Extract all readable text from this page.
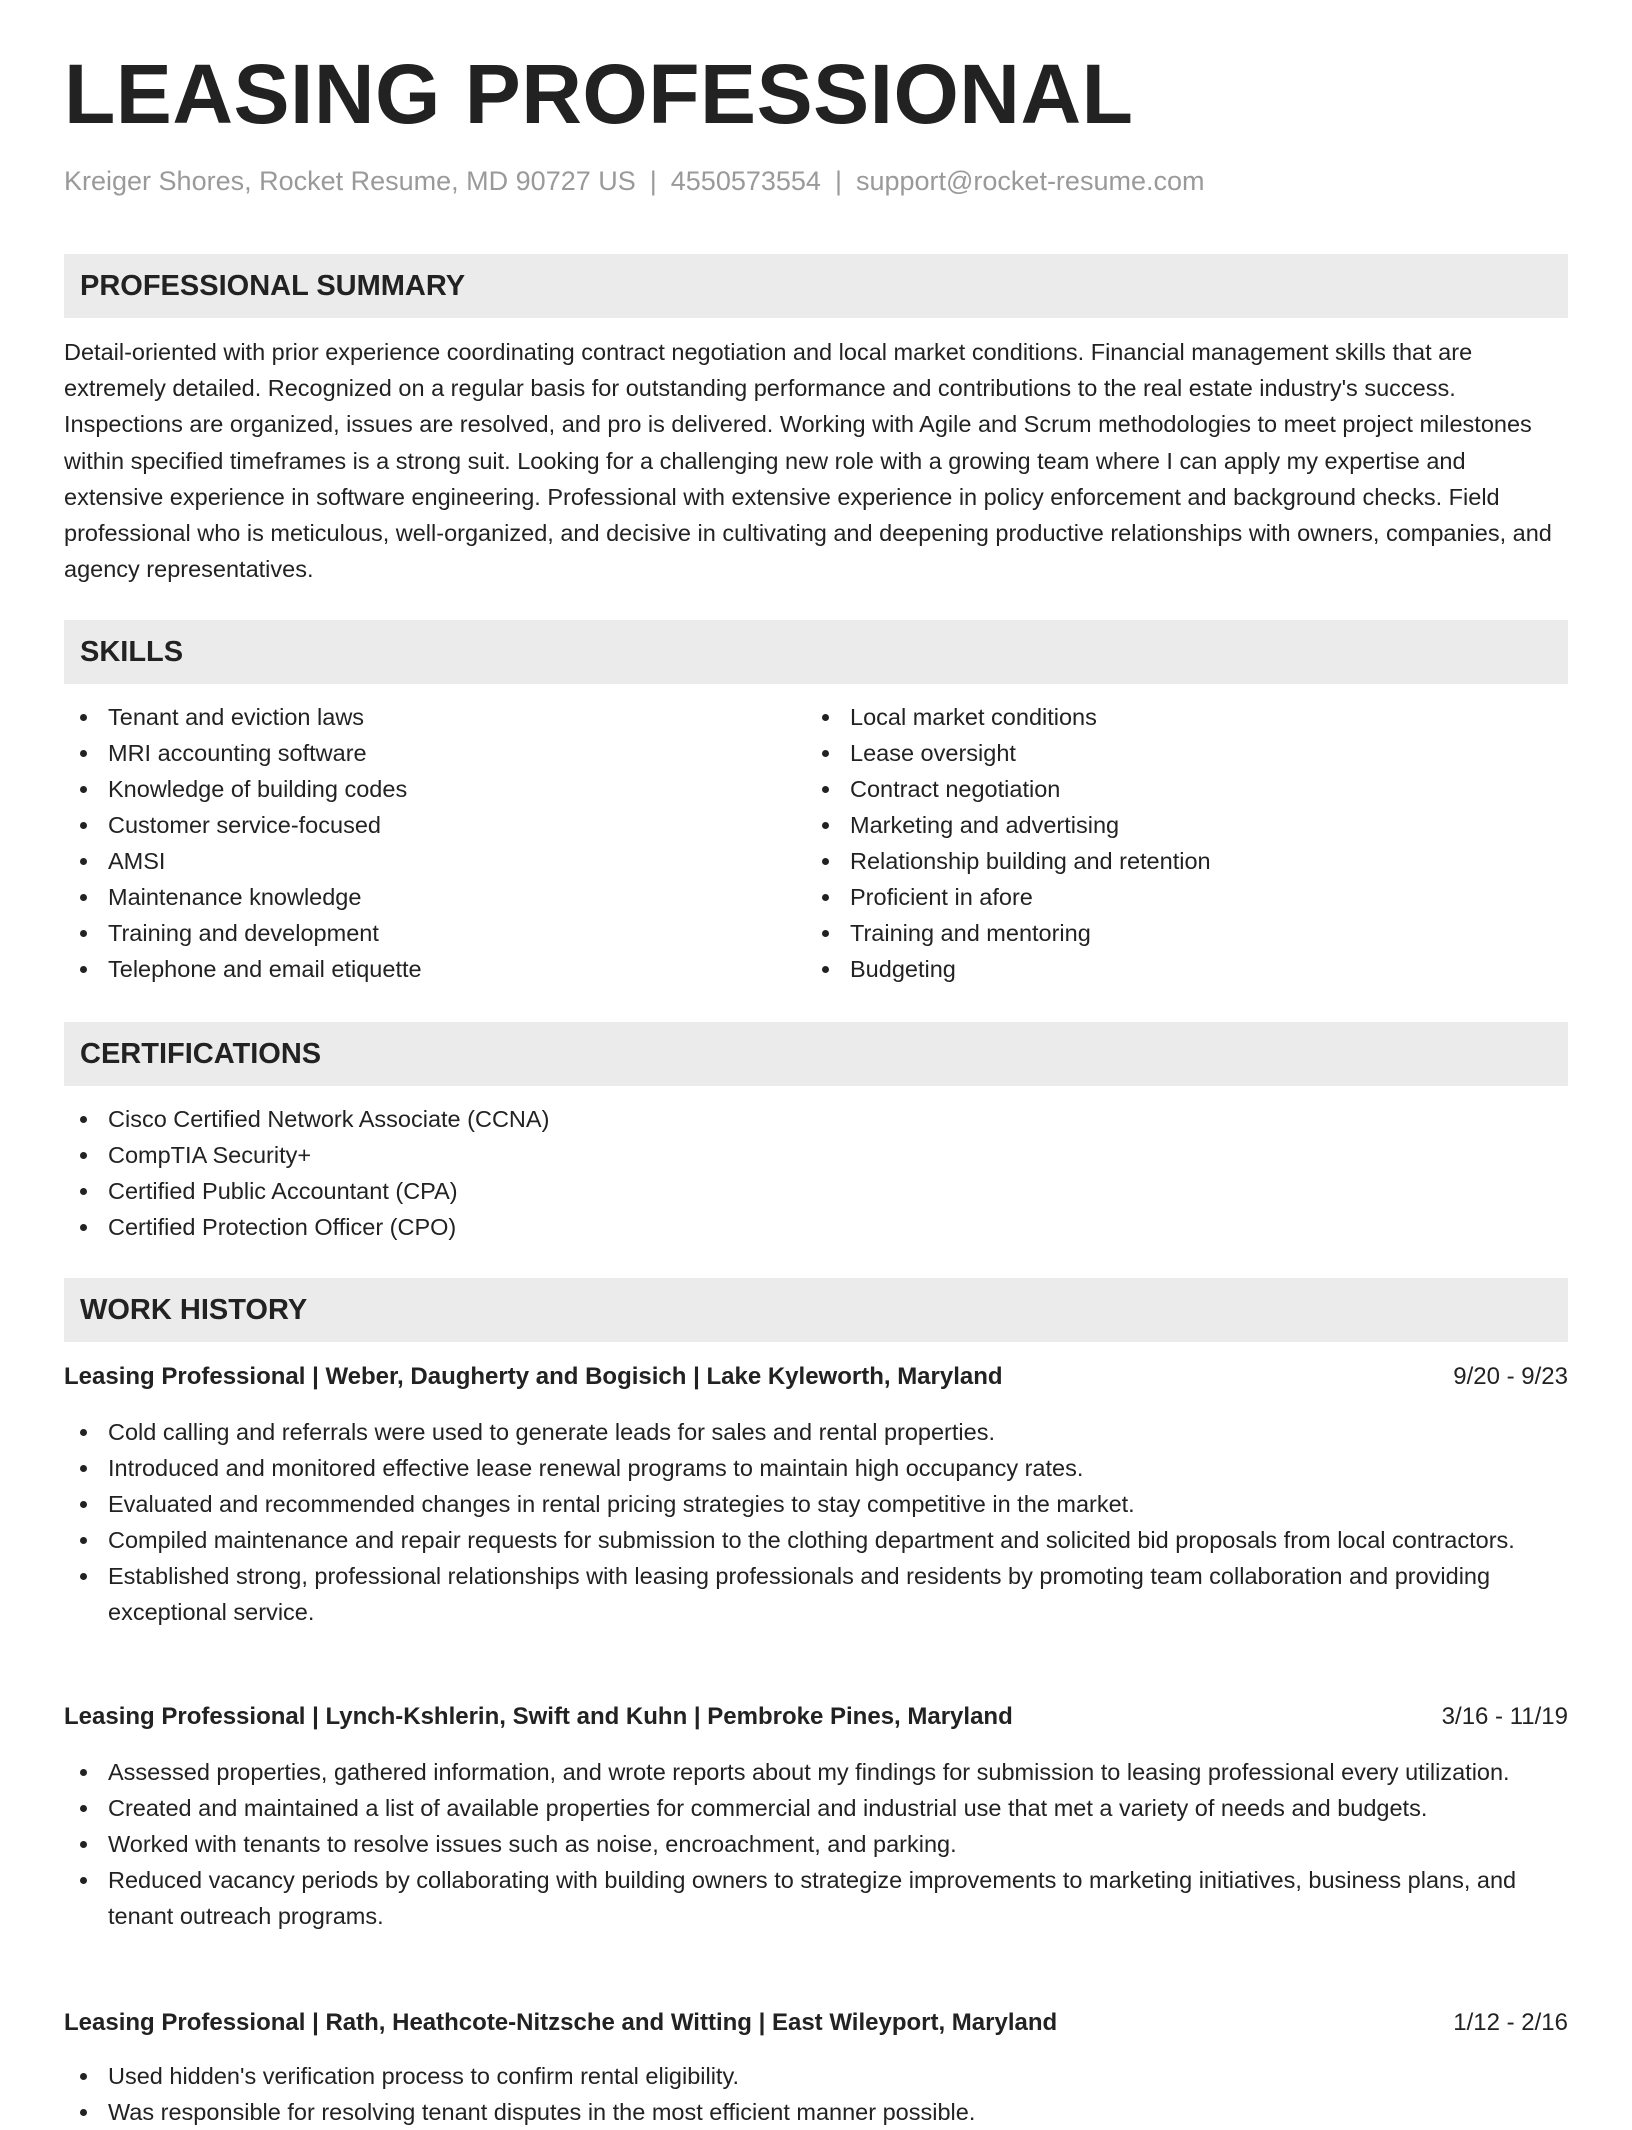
LEASING PROFESSIONAL
Kreiger Shores, Rocket Resume, MD 90727 US | 4550573554 | support@rocket-resume.com
PROFESSIONAL SUMMARY

Detail-oriented with prior experience coordinating contract negotiation and local market conditions. Financial management skills that are extremely detailed. Recognized on a regular basis for outstanding performance and contributions to the real estate industry's success. Inspections are organized, issues are resolved, and pro is delivered. Working with Agile and Scrum methodologies to meet project milestones within specified timeframes is a strong suit. Looking for a challenging new role with a growing team where I can apply my expertise and extensive experience in software engineering. Professional with extensive experience in policy enforcement and background checks. Field professional who is meticulous, well-organized, and decisive in cultivating and deepening productive relationships with owners, companies, and agency representatives.

SKILLS
Tenant and eviction laws
MRI accounting software
Knowledge of building codes
Customer service-focused
AMSI
Maintenance knowledge
Training and development
Telephone and email etiquette
Local market conditions
Lease oversight
Contract negotiation
Marketing and advertising
Relationship building and retention
Proficient in afore
Training and mentoring
Budgeting
CERTIFICATIONS
Cisco Certified Network Associate (CCNA)
CompTIA Security+
Certified Public Accountant (CPA)
Certified Protection Officer (CPO)
WORK HISTORY
Leasing Professional | Weber, Daugherty and Bogisich | Lake Kyleworth, Maryland	9/20 - 9/23
Cold calling and referrals were used to generate leads for sales and rental properties.
Introduced and monitored effective lease renewal programs to maintain high occupancy rates.
Evaluated and recommended changes in rental pricing strategies to stay competitive in the market.
Compiled maintenance and repair requests for submission to the clothing department and solicited bid proposals from local contractors.
Established strong, professional relationships with leasing professionals and residents by promoting team collaboration and providing exceptional service.
Leasing Professional | Lynch-Kshlerin, Swift and Kuhn | Pembroke Pines, Maryland	3/16 - 11/19
Assessed properties, gathered information, and wrote reports about my findings for submission to leasing professional every utilization.
Created and maintained a list of available properties for commercial and industrial use that met a variety of needs and budgets.
Worked with tenants to resolve issues such as noise, encroachment, and parking.
Reduced vacancy periods by collaborating with building owners to strategize improvements to marketing initiatives, business plans, and tenant outreach programs.
Leasing Professional | Rath, Heathcote-Nitzsche and Witting | East Wileyport, Maryland	1/12 - 2/16
Used hidden's verification process to confirm rental eligibility.
Was responsible for resolving tenant disputes in the most efficient manner possible.
